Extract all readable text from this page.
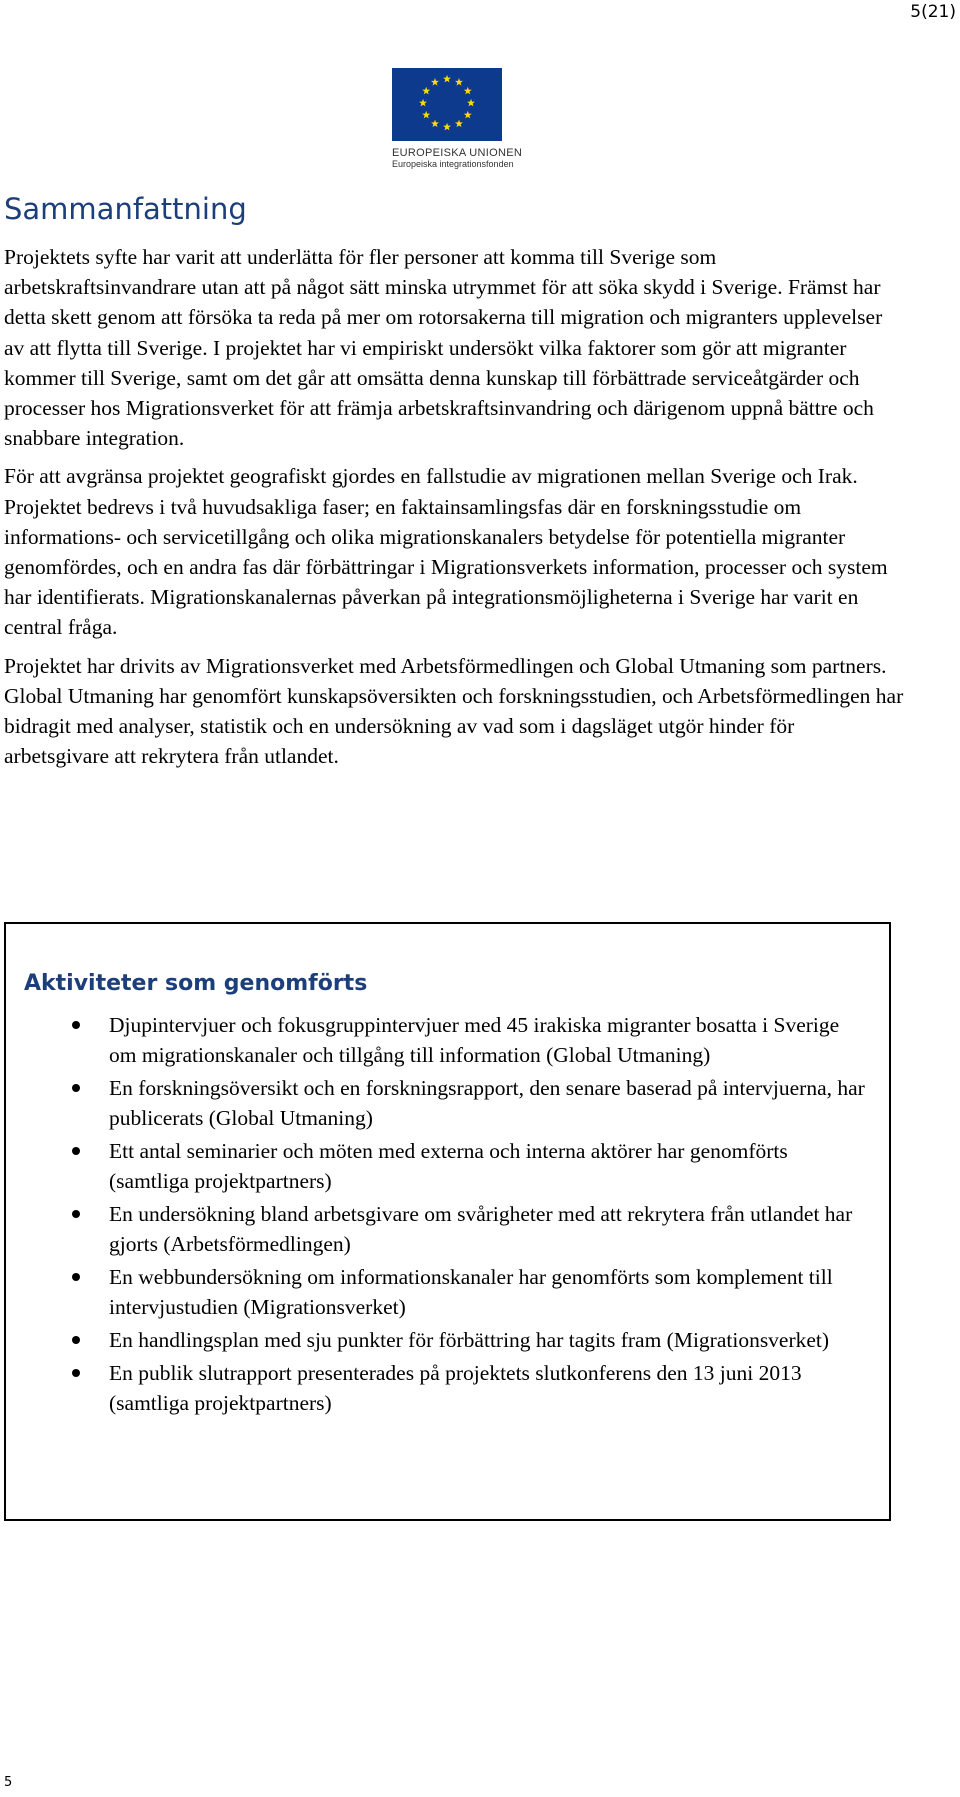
5(21)
EUROPEISKA UNIONEN
Europeiska integrationsfonden
Sammanfattning

Projektets syfte har varit att underlätta för fler personer att komma till Sverige som arbetskraftsinvandrare utan att på något sätt minska utrymmet för att söka skydd i Sverige. Främst har detta skett genom att försöka ta reda på mer om rotorsakerna till migration och migranters upplevelser av att flytta till Sverige. I projektet har vi empiriskt undersökt vilka faktorer som gör att migranter kommer till Sverige, samt om det går att omsätta denna kunskap till förbättrade serviceåtgärder och processer hos Migrationsverket för att främja arbetskraftsinvandring och därigenom uppnå bättre och snabbare integration.

För att avgränsa projektet geografiskt gjordes en fallstudie av migrationen mellan Sverige och Irak. Projektet bedrevs i två huvudsakliga faser; en faktainsamlingsfas där en forskningsstudie om informations- och servicetillgång och olika migrationskanalers betydelse för potentiella migranter genomfördes, och en andra fas där förbättringar i Migrationsverkets information, processer och system har identifierats. Migrationskanalernas påverkan på integrationsmöjligheterna i Sverige har varit en central fråga.

Projektet har drivits av Migrationsverket med Arbetsförmedlingen och Global Utmaning som partners. Global Utmaning har genomfört kunskapsöversikten och forskningsstudien, och Arbetsförmedlingen har bidragit med analyser, statistik och en undersökning av vad som i dagsläget utgör hinder för arbetsgivare att rekrytera från utlandet.

Aktiviteter som genomförts
Djupintervjuer och fokusgruppintervjuer med 45 irakiska migranter bosatta i Sverige om migrationskanaler och tillgång till information (Global Utmaning)
En forskningsöversikt och en forskningsrapport, den senare baserad på intervjuerna, har publicerats (Global Utmaning)
Ett antal seminarier och möten med externa och interna aktörer har genomförts (samtliga projektpartners)
En undersökning bland arbetsgivare om svårigheter med att rekrytera från utlandet har gjorts (Arbetsförmedlingen)
En webbundersökning om informationskanaler har genomförts som komplement till intervjustudien (Migrationsverket)
En handlingsplan med sju punkter för förbättring har tagits fram (Migrationsverket)
En publik slutrapport presenterades på projektets slutkonferens den 13 juni 2013 (samtliga projektpartners)
5
